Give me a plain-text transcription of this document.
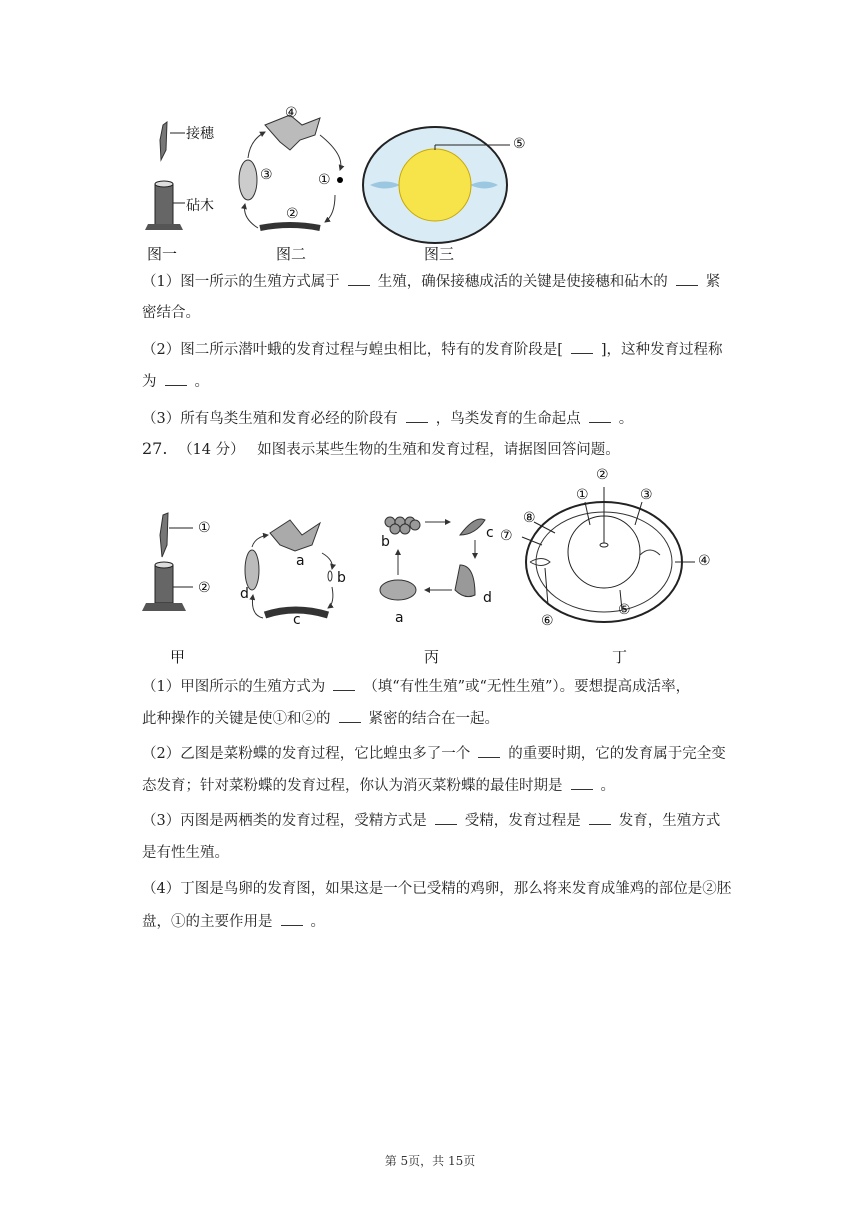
接穗
砧木
④
③	①
②
⑤
图一	图二	图三
（1）图一所示的生殖方式属于	生殖，确保接穗成活的关键是使接穗和砧木的	紧
密结合。
（2）图二所示潜叶蛾的发育过程与蝗虫相比，特有的发育阶段是[	]，这种发育过程称
为	。
（3）所有鸟类生殖和发育必经的阶段有	，鸟类发育的生命起点	。
27. （14 分） 如图表示某些生物的生殖和发育过程，请据图回答问题。
①
②
a
b
c
d
b
c
d
a
②
①	③
⑧
⑦
④
⑥
⑤
甲	丙	丁
（1）甲图所示的生殖方式为	（填“有性生殖”或“无性生殖”）。要想提高成活率，
此种操作的关键是使①和②的	紧密的结合在一起。
（2）乙图是菜粉蝶的发育过程，它比蝗虫多了一个	的重要时期，它的发育属于完全变
态发育；针对菜粉蝶的发育过程，你认为消灭菜粉蝶的最佳时期是	。
（3）丙图是两栖类的发育过程，受精方式是	受精，发育过程是	发育，生殖方式
是有性生殖。
（4）丁图是鸟卵的发育图，如果这是一个已受精的鸡卵，那么将来发育成雏鸡的部位是②胚
盘，①的主要作用是	。
第 5页，共 15页
